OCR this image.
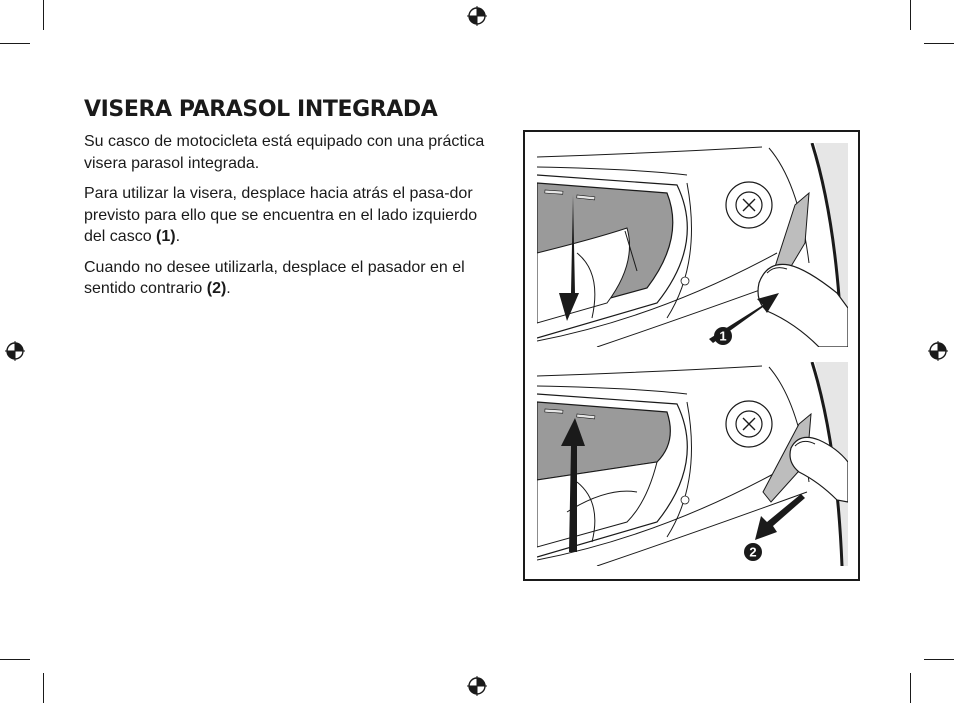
VISERA PARASOL INTEGRADA

Su casco de motocicleta está equipado con una práctica visera parasol integrada.

Para utilizar la visera, desplace hacia atrás el pasa-dor previsto para ello que se encuentra en el lado izquierdo del casco (1).

Cuando no desee utilizarla, desplace el pasador en el sentido contrario (2).

1
2
